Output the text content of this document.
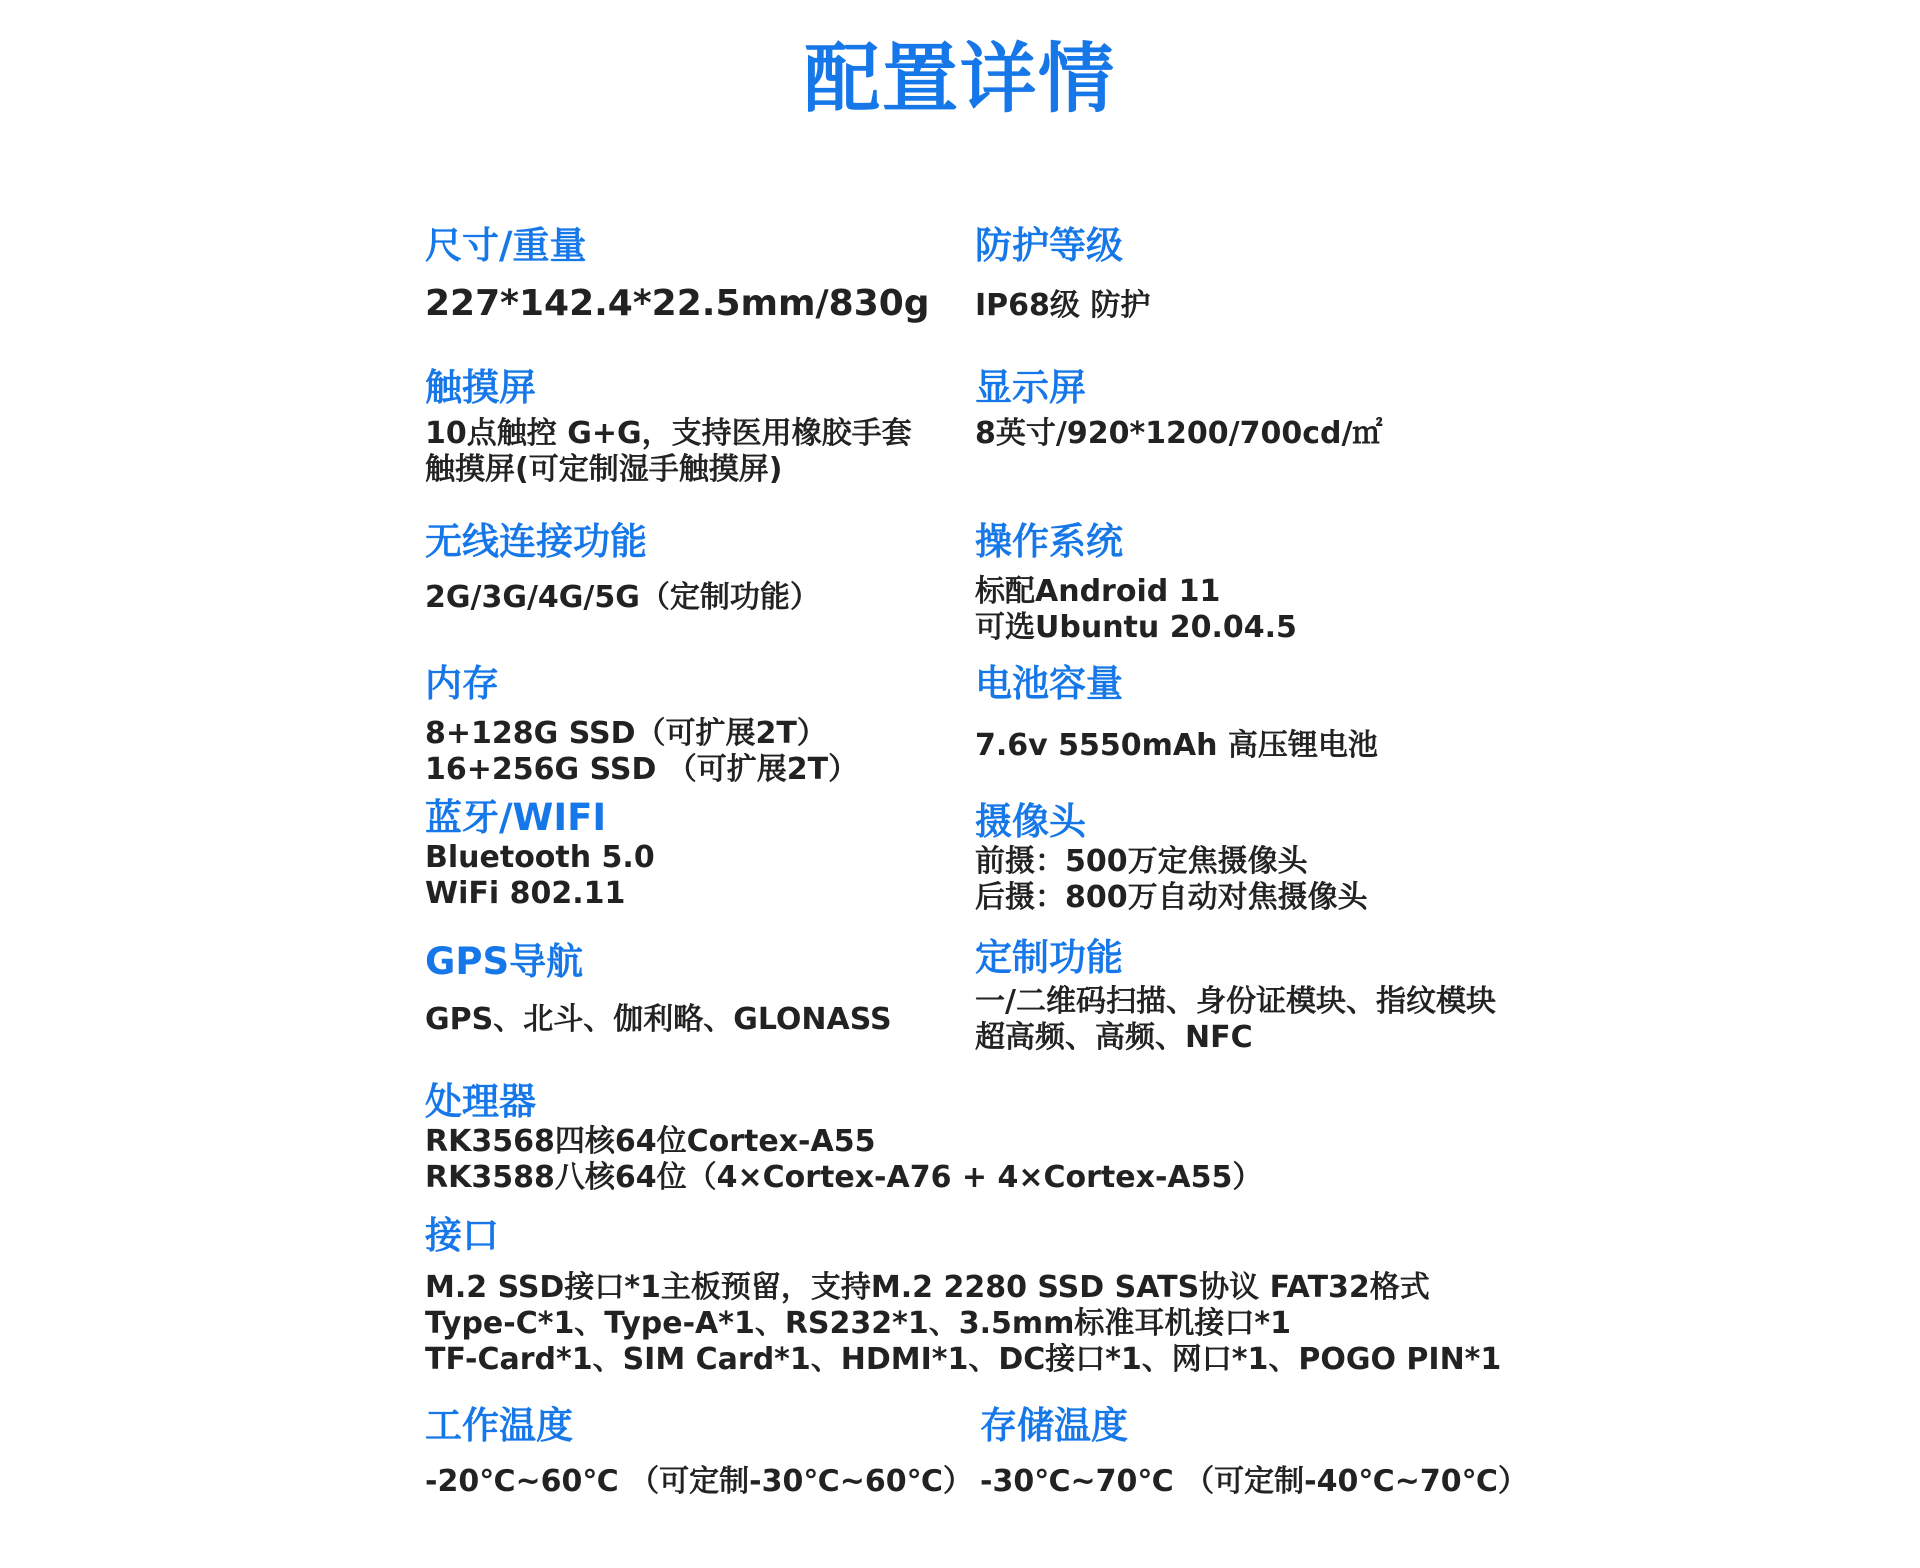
配置详情
尺寸/重量
227*142.4*22.5mm/830g
防护等级
IP68级 防护
触摸屏
10点触控 G+G，支持医用橡胶手套
触摸屏(可定制湿手触摸屏)
显示屏
8英寸/920*1200/700cd/㎡
无线连接功能
2G/3G/4G/5G（定制功能）
操作系统
标配Android 11
可选Ubuntu 20.04.5
内存
8+128G SSD（可扩展2T）
16+256G SSD （可扩展2T）
电池容量
7.6v 5550mAh 高压锂电池
蓝牙/WIFI
Bluetooth 5.0
WiFi 802.11
摄像头
前摄：500万定焦摄像头
后摄：800万自动对焦摄像头
GPS导航
GPS、北斗、伽利略、GLONASS
定制功能
一/二维码扫描、身份证模块、指纹模块
超高频、高频、NFC
处理器
RK3568四核64位Cortex-A55
RK3588八核64位（4×Cortex-A76 + 4×Cortex-A55）
接口
M.2 SSD接口*1主板预留，支持M.2 2280 SSD SATS协议 FAT32格式
Type-C*1、Type-A*1、RS232*1、3.5mm标准耳机接口*1
TF-Card*1、SIM Card*1、HDMI*1、DC接口*1、网口*1、POGO PIN*1
工作温度
-20℃~60℃ （可定制-30℃~60℃）
存储温度
-30℃~70℃ （可定制-40℃~70℃）
